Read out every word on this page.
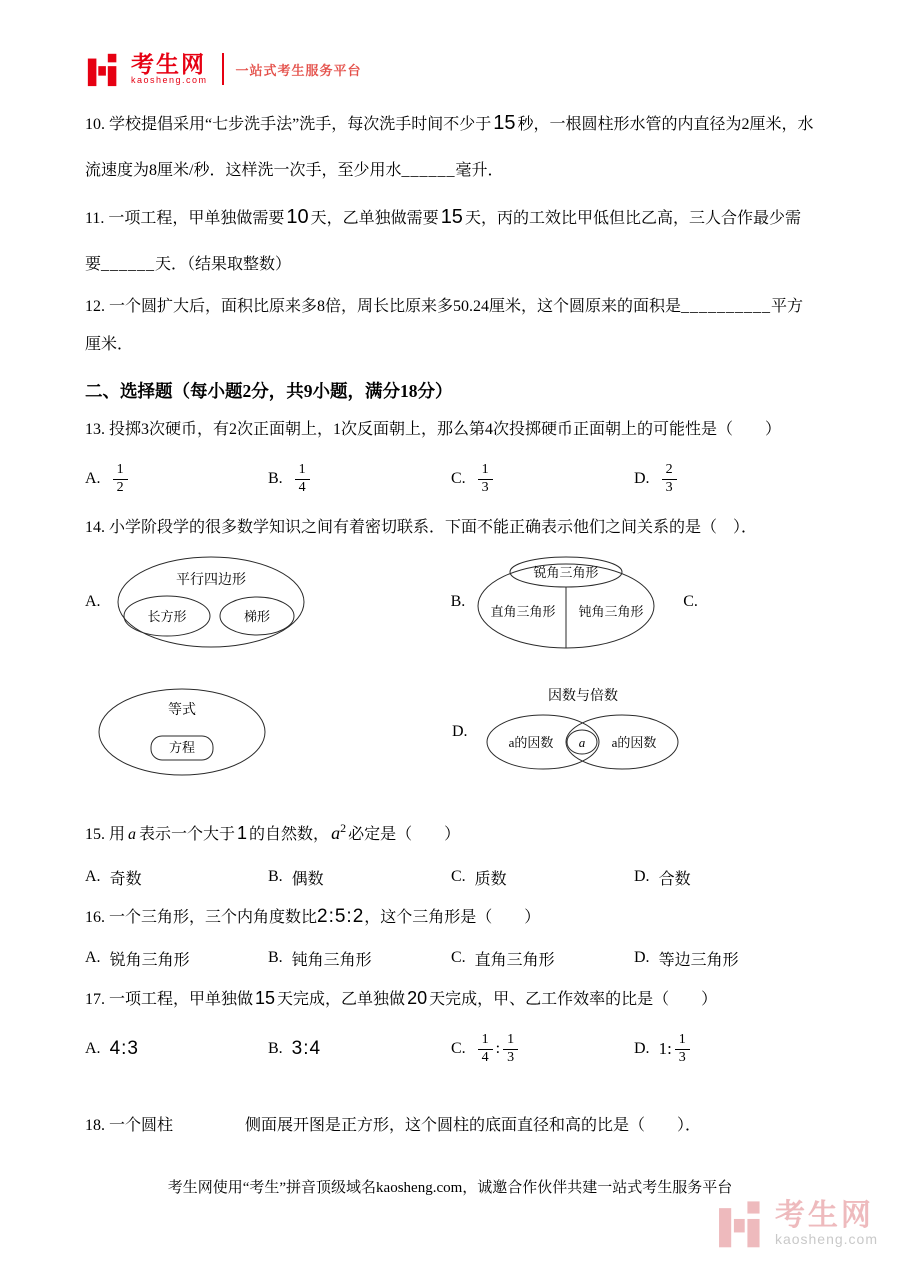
考生网
kaosheng.com
一站式考生服务平台

10. 学校提倡采用“七步洗手法”洗手，每次洗手时间不少于 15 秒，一根圆柱形水管的内直径为2厘米，水流速度为8厘米/秒．这样洗一次手，至少用水______毫升．

11. 一项工程，甲单独做需要 10 天，乙单独做需要 15 天，丙的工效比甲低但比乙高，三人合作最少需要______天．（结果取整数）

12. 一个圆扩大后，面积比原来多8倍，周长比原来多50.24厘米，这个圆原来的面积是__________平方厘米．

二、选择题（每小题2分，共9小题，满分18分）

13. 投掷3次硬币，有2次正面朝上，1次反面朝上，那么第4次投掷硬币正面朝上的可能性是（　　）

A. $\frac{1}{2}$	B. $\frac{1}{4}$	C. $\frac{1}{3}$	D. $\frac{2}{3}$

14. 小学阶段学的很多数学知识之间有着密切联系．下面不能正确表示他们之间关系的是（　）．

A.
平行四边形
长方形	梯形
B.
锐角三角形
直角三角形 钝角三角形
C.
等式
方程
D.
因数与倍数
a的因数 a a的因数

15. 用 a 表示一个大于 1 的自然数， $a^2$ 必定是（　　）

A. 奇数	B. 偶数	C. 质数	D. 合数

16. 一个三角形，三个内角度数比2:5:2，这个三角形是（　　）

A. 锐角三角形	B. 钝角三角形	C. 直角三角形	D. 等边三角形

17. 一项工程，甲单独做 15 天完成，乙单独做 20 天完成，甲、乙工作效率的比是（　　）

A. 4:3	B. 3:4	C. $\frac{1}{4}$ : $\frac{1}{3}$	D. 1: $\frac{1}{3}$

18. 一个圆柱	侧面展开图是正方形，这个圆柱的底面直径和高的比是（　　）．

考生网使用“考生”拼音顶级域名kaosheng.com，诚邀合作伙伴共建一站式考生服务平台
考生网
kaosheng.com
